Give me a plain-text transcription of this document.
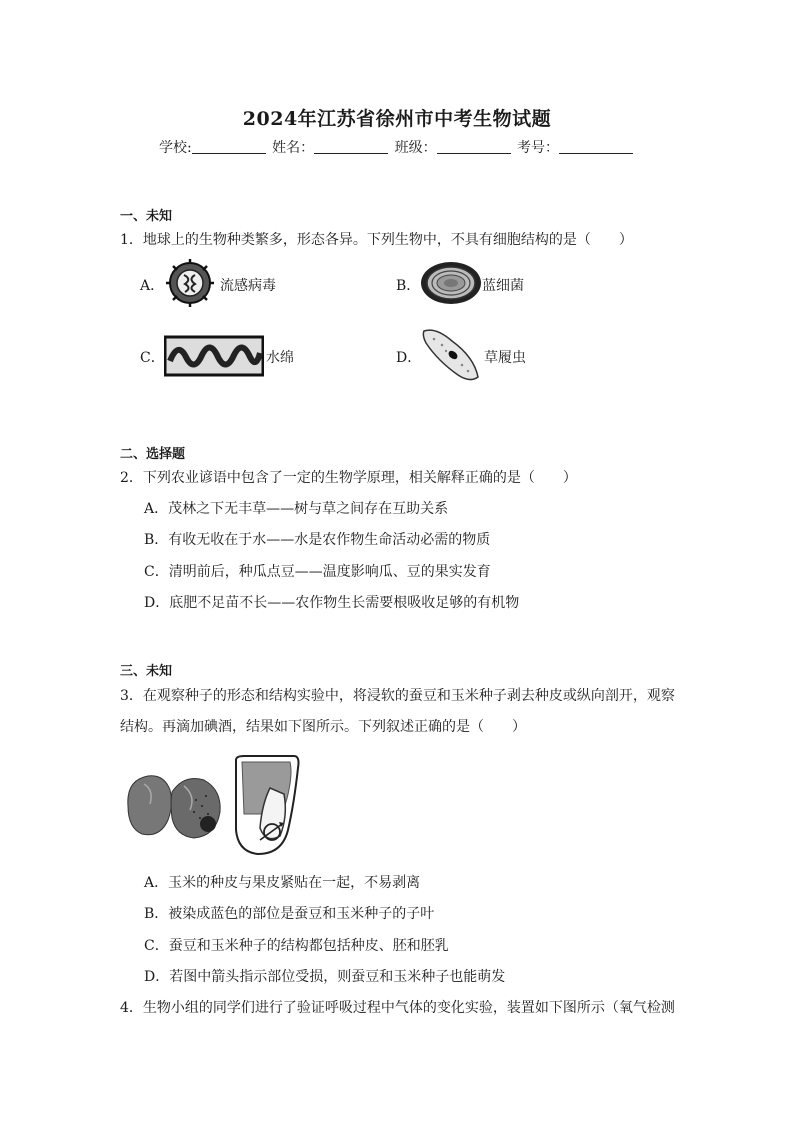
2024年江苏省徐州市中考生物试题
学校:	姓名：	班级：	考号：
一、未知
1．地球上的生物种类繁多，形态各异。下列生物中，不具有细胞结构的是（　　）
A．	流感病毒	B．	蓝细菌
C．	水绵	D．	草履虫
二、选择题
2．下列农业谚语中包含了一定的生物学原理，相关解释正确的是（　　）
A．茂林之下无丰草——树与草之间存在互助关系
B．有收无收在于水——水是农作物生命活动必需的物质
C．清明前后，种瓜点豆——温度影响瓜、豆的果实发育
D．底肥不足苗不长——农作物生长需要根吸收足够的有机物
三、未知
3．在观察种子的形态和结构实验中，将浸软的蚕豆和玉米种子剥去种皮或纵向剖开，观察
结构。再滴加碘酒，结果如下图所示。下列叙述正确的是（　　）
A．玉米的种皮与果皮紧贴在一起，不易剥离
B．被染成蓝色的部位是蚕豆和玉米种子的子叶
C．蚕豆和玉米种子的结构都包括种皮、胚和胚乳
D．若图中箭头指示部位受损，则蚕豆和玉米种子也能萌发
4．生物小组的同学们进行了验证呼吸过程中气体的变化实验，装置如下图所示（氧气检测
